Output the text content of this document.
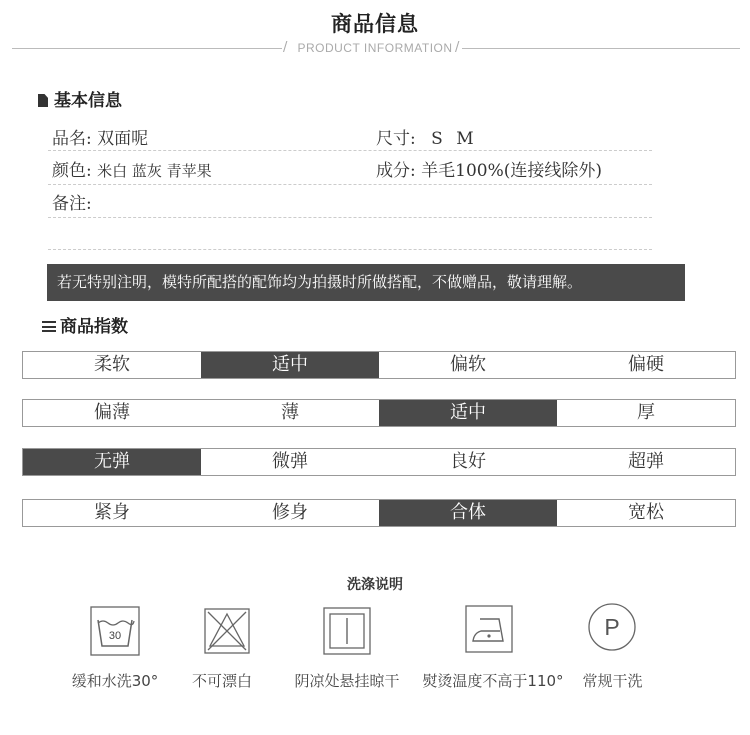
商品信息
/	/
PRODUCT INFORMATION
基本信息
品名: 双面呢	尺寸: S M
颜色: 米白 蓝灰 青苹果	成分: 羊毛100%(连接线除外)
备注:
若无特别注明，模特所配搭的配饰均为拍摄时所做搭配，不做赠品，敬请理解。
商品指数
柔软	适中	偏软	偏硬
偏薄	薄	适中	厚
无弹	微弹	良好	超弹
紧身	修身	合体	宽松
洗涤说明
30	P
缓和水洗30°	不可漂白	阴凉处悬挂晾干	熨烫温度不高于110°	常规干洗
